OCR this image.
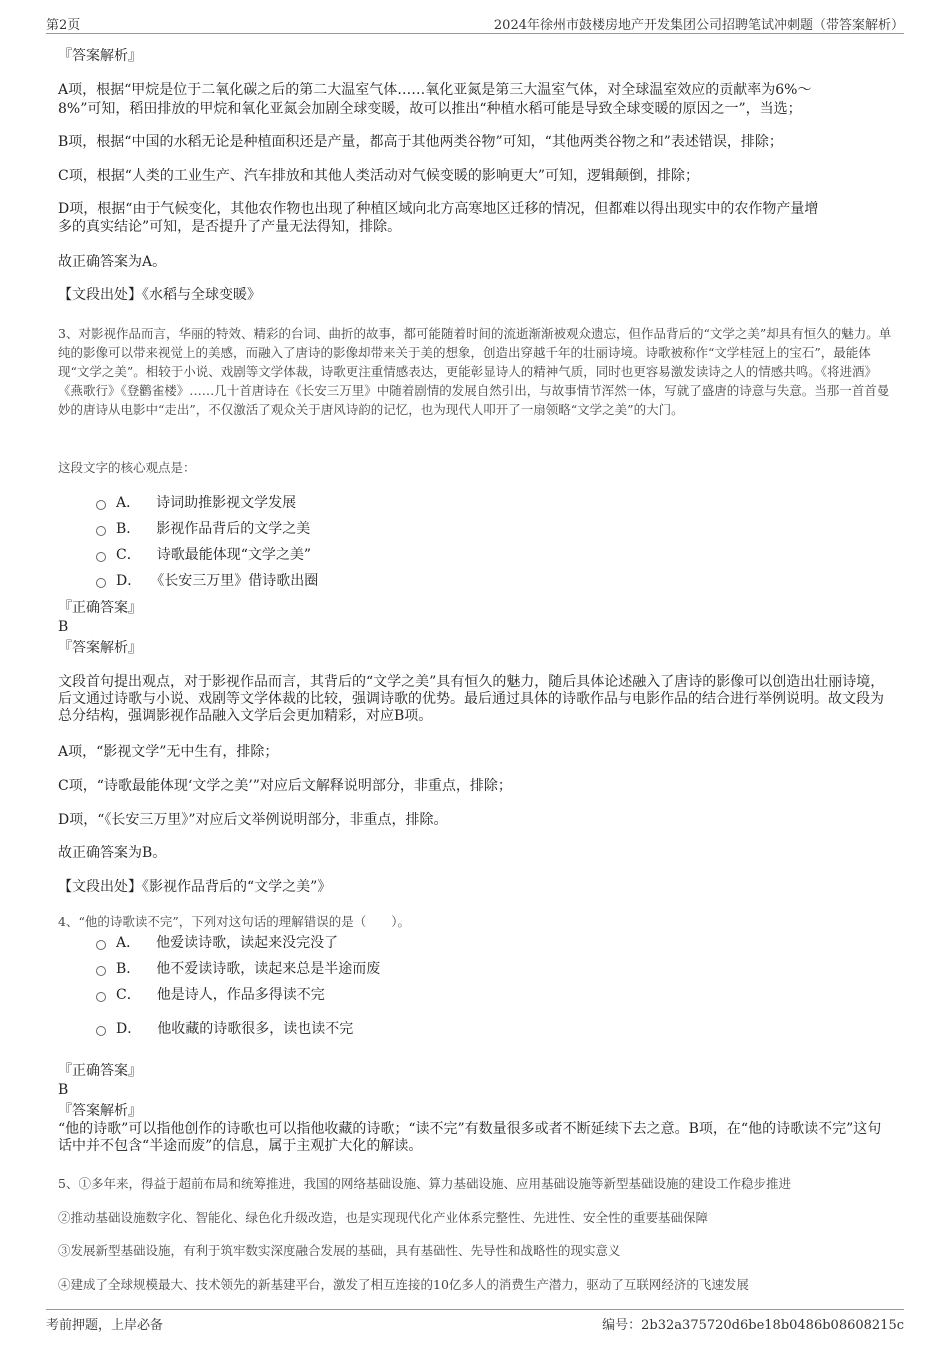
第2页	2024年徐州市鼓楼房地产开发集团公司招聘笔试冲刺题（带答案解析）
『答案解析』
A项，根据“甲烷是位于二氧化碳之后的第二大温室气体……氧化亚氮是第三大温室气体，对全球温室效应的贡献率为6%～
8%”可知，稻田排放的甲烷和氧化亚氮会加剧全球变暖，故可以推出“种植水稻可能是导致全球变暖的原因之一”，当选；
B项，根据“中国的水稻无论是种植面积还是产量，都高于其他两类谷物”可知，“其他两类谷物之和”表述错误，排除；
C项，根据“人类的工业生产、汽车排放和其他人类活动对气候变暖的影响更大”可知，逻辑颠倒，排除；
D项，根据“由于气候变化，其他农作物也出现了种植区域向北方高寒地区迁移的情况，但都难以得出现实中的农作物产量增
多的真实结论”可知，是否提升了产量无法得知，排除。
故正确答案为A。
【文段出处】《水稻与全球变暖》
3、对影视作品而言，华丽的特效、精彩的台词、曲折的故事，都可能随着时间的流逝渐渐被观众遗忘，但作品背后的“文学之美”却具有恒久的魅力。单纯的影像可以带来视觉上的美感，而融入了唐诗的影像却带来关于美的想象，创造出穿越千年的壮丽诗境。诗歌被称作“文学桂冠上的宝石”，最能体现“文学之美”。相较于小说、戏剧等文学体裁，诗歌更注重情感表达，更能彰显诗人的精神气质，同时也更容易激发读诗之人的情感共鸣。《将进酒》《燕歌行》《登鹳雀楼》……几十首唐诗在《长安三万里》中随着剧情的发展自然引出，与故事情节浑然一体，写就了盛唐的诗意与失意。当那一首首曼妙的唐诗从电影中“走出”，不仅激活了观众关于唐风诗韵的记忆，也为现代人叩开了一扇领略“文学之美”的大门。
这段文字的核心观点是：
A． 诗词助推影视文学发展
B． 影视作品背后的文学之美
C． 诗歌最能体现“文学之美”
D． 《长安三万里》借诗歌出圈
『正确答案』
B
『答案解析』
文段首句提出观点，对于影视作品而言，其背后的“文学之美”具有恒久的魅力，随后具体论述融入了唐诗的影像可以创造出壮丽诗境，后文通过诗歌与小说、戏剧等文学体裁的比较，强调诗歌的优势。最后通过具体的诗歌作品与电影作品的结合进行举例说明。故文段为总分结构，强调影视作品融入文学后会更加精彩，对应B项。
A项，“影视文学”无中生有，排除；
C项，“诗歌最能体现‘文学之美’”对应后文解释说明部分，非重点，排除；
D项，“《长安三万里》”对应后文举例说明部分，非重点，排除。
故正确答案为B。
【文段出处】《影视作品背后的“文学之美”》
4、“他的诗歌读不完”，下列对这句话的理解错误的是（　　）。
A． 他爱读诗歌，读起来没完没了
B． 他不爱读诗歌，读起来总是半途而废
C． 他是诗人，作品多得读不完
D． 他收藏的诗歌很多，读也读不完
『正确答案』
B
『答案解析』
“他的诗歌”可以指他创作的诗歌也可以指他收藏的诗歌；“读不完”有数量很多或者不断延续下去之意。B项，在“他的诗歌读不完”这句话中并不包含“半途而废”的信息，属于主观扩大化的解读。
5、①多年来，得益于超前布局和统筹推进，我国的网络基础设施、算力基础设施、应用基础设施等新型基础设施的建设工作稳步推进
②推动基础设施数字化、智能化、绿色化升级改造，也是实现现代化产业体系完整性、先进性、安全性的重要基础保障
③发展新型基础设施，有利于筑牢数实深度融合发展的基础，具有基础性、先导性和战略性的现实意义
④建成了全球规模最大、技术领先的新基建平台，激发了相互连接的10亿多人的消费生产潜力，驱动了互联网经济的飞速发展
考前押题，上岸必备	编号：2b32a375720d6be18b0486b08608215c
